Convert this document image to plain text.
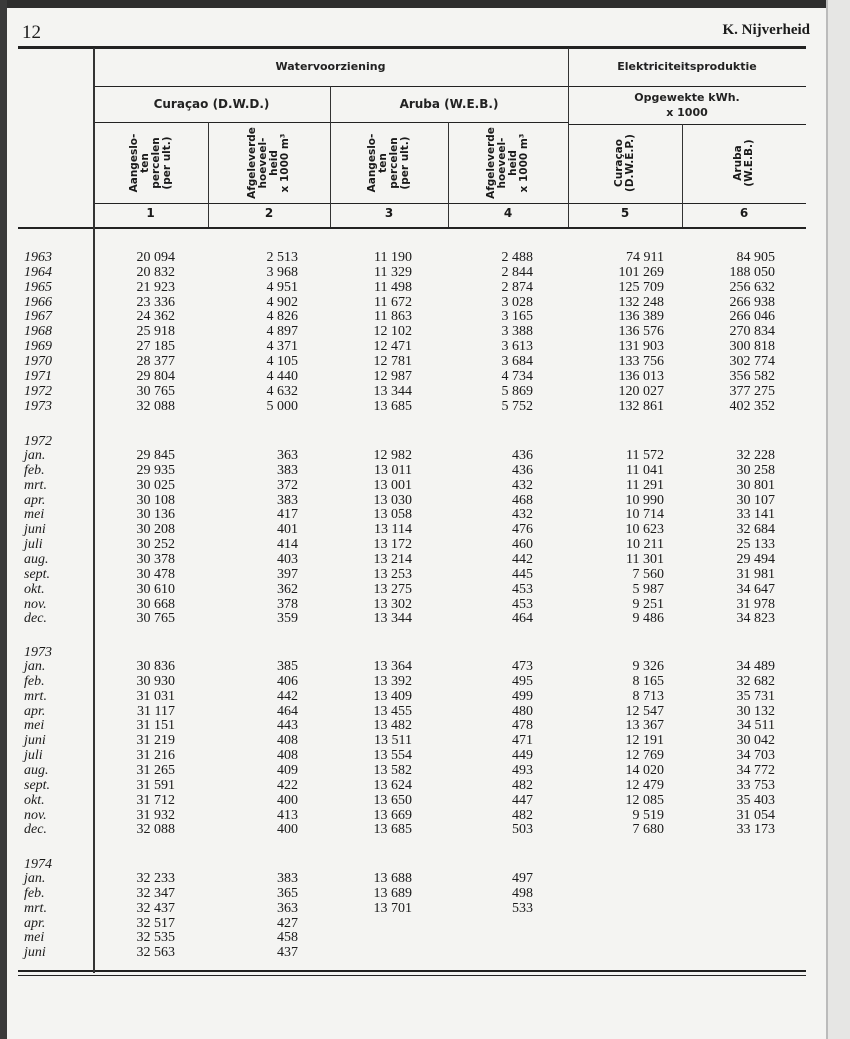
12	K. Nijverheid
Watervoorziening	Elektriciteitsproduktie
Curaçao (D.W.D.)	Aruba (W.E.B.)	Opgewekte kWh.
x 1000
Aangeslo-
ten
percelen
(per ult.)	Afgeleverde
hoeveel-
heid
x 1000 m³	Aangeslo-
ten
percelen
(per ult.)	Afgeleverde
hoeveel-
heid
x 1000 m³	Curaçao
(D.W.E.P.)	Aruba
(W.E.B.)
1	2	3	4	5	6
1963	20 094	2 513	11 190	2 488	74 911	84 905
1964	20 832	3 968	11 329	2 844	101 269	188 050
1965	21 923	4 951	11 498	2 874	125 709	256 632
1966	23 336	4 902	11 672	3 028	132 248	266 938
1967	24 362	4 826	11 863	3 165	136 389	266 046
1968	25 918	4 897	12 102	3 388	136 576	270 834
1969	27 185	4 371	12 471	3 613	131 903	300 818
1970	28 377	4 105	12 781	3 684	133 756	302 774
1971	29 804	4 440	12 987	4 734	136 013	356 582
1972	30 765	4 632	13 344	5 869	120 027	377 275
1973	32 088	5 000	13 685	5 752	132 861	402 352
1972
jan.	29 845	363	12 982	436	11 572	32 228
feb.	29 935	383	13 011	436	11 041	30 258
mrt.	30 025	372	13 001	432	11 291	30 801
apr.	30 108	383	13 030	468	10 990	30 107
mei	30 136	417	13 058	432	10 714	33 141
juni	30 208	401	13 114	476	10 623	32 684
juli	30 252	414	13 172	460	10 211	25 133
aug.	30 378	403	13 214	442	11 301	29 494
sept.	30 478	397	13 253	445	7 560	31 981
okt.	30 610	362	13 275	453	5 987	34 647
nov.	30 668	378	13 302	453	9 251	31 978
dec.	30 765	359	13 344	464	9 486	34 823
1973
jan.	30 836	385	13 364	473	9 326	34 489
feb.	30 930	406	13 392	495	8 165	32 682
mrt.	31 031	442	13 409	499	8 713	35 731
apr.	31 117	464	13 455	480	12 547	30 132
mei	31 151	443	13 482	478	13 367	34 511
juni	31 219	408	13 511	471	12 191	30 042
juli	31 216	408	13 554	449	12 769	34 703
aug.	31 265	409	13 582	493	14 020	34 772
sept.	31 591	422	13 624	482	12 479	33 753
okt.	31 712	400	13 650	447	12 085	35 403
nov.	31 932	413	13 669	482	9 519	31 054
dec.	32 088	400	13 685	503	7 680	33 173
1974
jan.	32 233	383	13 688	497
feb.	32 347	365	13 689	498
mrt.	32 437	363	13 701	533
apr.	32 517	427
mei	32 535	458
juni	32 563	437
